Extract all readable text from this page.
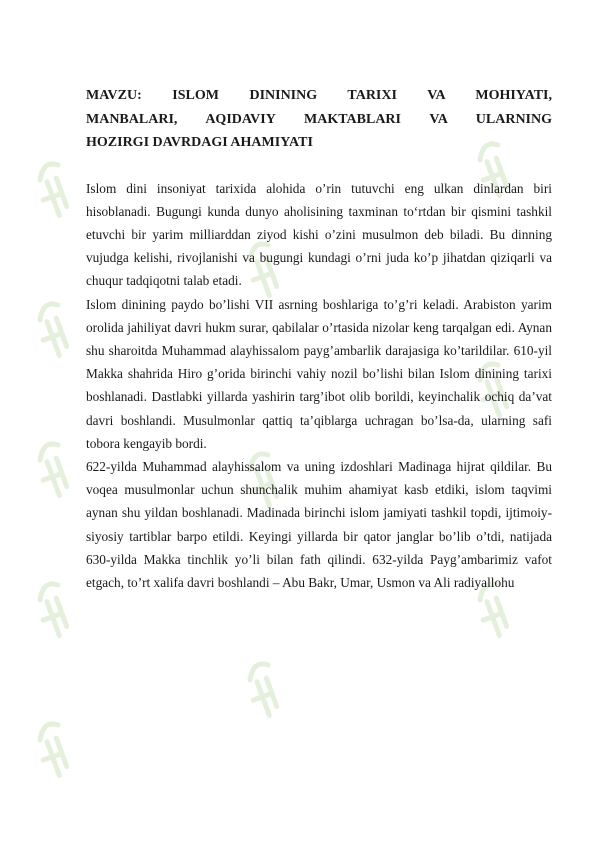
MAVZU: ISLOM DININING TARIXI VA MOHIYATI,
MANBALARI, AQIDAVIY MAKTABLARI VA ULARNING
HOZIRGI DAVRDAGI AHAMIYATI

Islom dini insoniyat tarixida alohida o’rin tutuvchi eng ulkan dinlardan biri hisoblanadi. Bugungi kunda dunyo aholisining taxminan to‘rtdan bir qismini tashkil etuvchi bir yarim milliarddan ziyod kishi o’zini musulmon deb biladi. Bu dinning vujudga kelishi, rivojlanishi va bugungi kundagi o’rni juda ko’p jihatdan qiziqarli va chuqur tadqiqotni talab etadi.

Islom dinining paydo bo’lishi VII asrning boshlariga to’g’ri keladi. Arabiston yarim orolida jahiliyat davri hukm surar, qabilalar o’rtasida nizolar keng tarqalgan edi. Aynan shu sharoitda Muhammad alayhissalom payg’ambarlik darajasiga ko’tarildilar. 610-yil Makka shahrida Hiro g’orida birinchi vahiy nozil bo’lishi bilan Islom dinining tarixi boshlanadi. Dastlabki yillarda yashirin targ’ibot olib borildi, keyinchalik ochiq da’vat davri boshlandi. Musulmonlar qattiq ta’qiblarga uchragan bo’lsa-da, ularning safi tobora kengayib bordi.

622-yilda Muhammad alayhissalom va uning izdoshlari Madinaga hijrat qildilar. Bu voqea musulmonlar uchun shunchalik muhim ahamiyat kasb etdiki, islom taqvimi aynan shu yildan boshlanadi. Madinada birinchi islom jamiyati tashkil topdi, ijtimoiy-siyosiy tartiblar barpo etildi. Keyingi yillarda bir qator janglar bo’lib o’tdi, natijada 630-yilda Makka tinchlik yo’li bilan fath qilindi. 632-yilda Payg’ambarimiz vafot etgach, to’rt xalifa davri boshlandi – Abu Bakr, Umar, Usmon va Ali radiyallohu
